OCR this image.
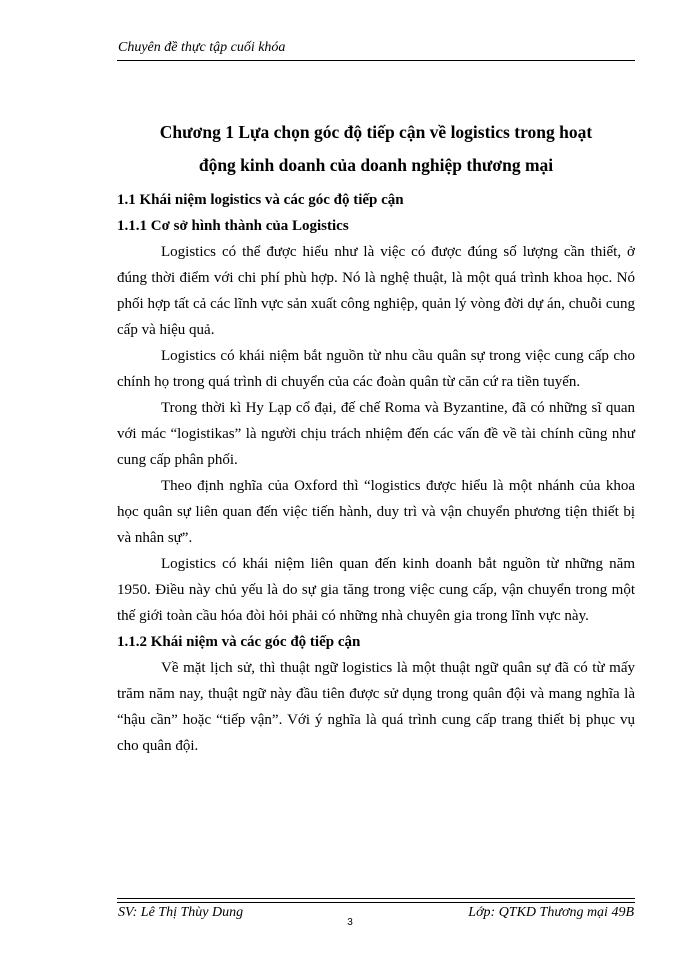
Chuyên đề thực tập cuối khóa
Chương 1 Lựa chọn góc độ tiếp cận về logistics trong hoạt
động kinh doanh của doanh nghiệp thương mại
1.1 Khái niệm logistics và các góc độ tiếp cận
1.1.1 Cơ sở hình thành của Logistics

Logistics có thể được hiểu như là việc có được đúng số lượng cần thiết, ở đúng thời điểm với chi phí phù hợp. Nó là nghệ thuật, là một quá trình khoa học. Nó phối hợp tất cả các lĩnh vực sản xuất công nghiệp, quản lý vòng đời dự án, chuỗi cung cấp và hiệu quả.

Logistics có khái niệm bắt nguồn từ nhu cầu quân sự trong việc cung cấp cho chính họ trong quá trình di chuyển của các đoàn quân từ căn cứ ra tiền tuyến.

Trong thời kì Hy Lạp cổ đại, đế chế Roma và Byzantine, đã có những sĩ quan với mác “logistikas” là người chịu trách nhiệm đến các vấn đề về tài chính cũng như cung cấp phân phối.

Theo định nghĩa của Oxford thì “logistics được hiểu là một nhánh của khoa học quân sự liên quan đến việc tiến hành, duy trì và vận chuyển phương tiện thiết bị và nhân sự”.

Logistics có khái niệm liên quan đến kinh doanh bắt nguồn từ những năm 1950. Điều này chủ yếu là do sự gia tăng trong việc cung cấp, vận chuyển trong một thế giới toàn cầu hóa đòi hỏi phải có những nhà chuyên gia trong lĩnh vực này.

1.1.2 Khái niệm và các góc độ tiếp cận

Về mặt lịch sử, thì thuật ngữ logistics là một thuật ngữ quân sự đã có từ mấy trăm năm nay, thuật ngữ này đầu tiên được sử dụng trong quân đội và mang nghĩa là “hậu cần” hoặc “tiếp vận”. Với ý nghĩa là quá trình cung cấp trang thiết bị phục vụ cho quân đội.

SV: Lê Thị Thùy Dung	Lớp: QTKD Thương mại 49B
3
